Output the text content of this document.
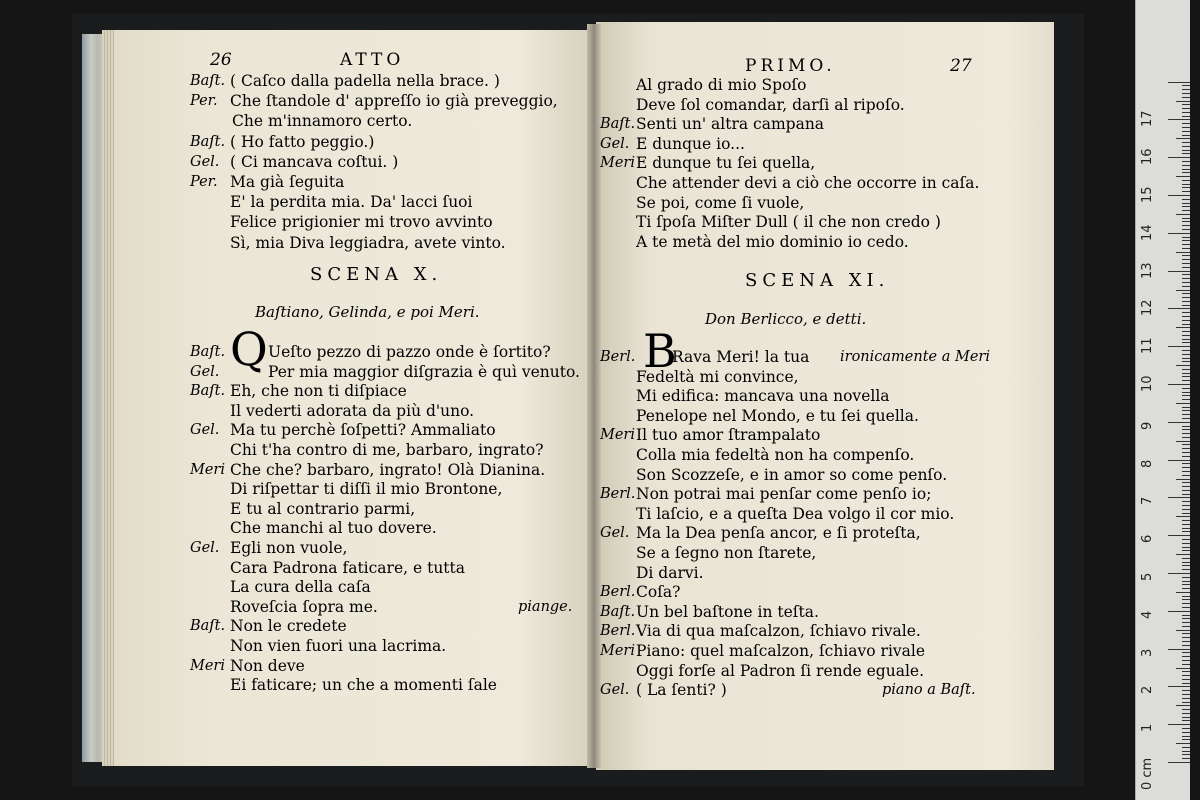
26	ATTO	PRIMO.	27
Baſt. ( Caſco dalla padella nella brace. )
Per. Che ſtandole d' appreſſo io già preveggio,
Che m'innamoro certo.
Baſt. ( Ho fatto peggio.)
Gel. ( Ci mancava coſtui. )
Per. Ma già ſeguita
E' la perdita mia. Da' lacci ſuoi
Felice prigionier mi trovo avvinto
Sì, mia Diva leggiadra, avete vinto.
SCENA X.
Baſtiano, Gelinda, e poi Meri.
Q
Baſt.	Ueſto pezzo di pazzo onde è ſortito?
Gel.	Per mia maggior diſgrazia è quì venuto.
Baſt. Eh, che non ti diſpiace
Il vederti adorata da più d'uno.
Gel. Ma tu perchè ſoſpetti? Ammaliato
Chi t'ha contro di me, barbaro, ingrato?
Meri Che che? barbaro, ingrato! Olà Dianina.
Di riſpettar ti diſſi il mio Brontone,
E tu al contrario parmi,
Che manchi al tuo dovere.
Gel. Egli non vuole,
Cara Padrona faticare, e tutta
La cura della caſa
Roveſcia ſopra me.	piange.
Baſt. Non le credete
Non vien fuori una lacrima.
Meri Non deve
Ei faticare; un che a momenti ſale
Al grado di mio Spoſo
Deve ſol comandar, darſi al ripoſo.
Baſt. Senti un' altra campana
Gel. E dunque io...
Meri E dunque tu ſei quella,
Che attender devi a ciò che occorre in caſa.
Se poi, come ſi vuole,
Ti ſpoſa Miſter Dull ( il che non credo )
A te metà del mio dominio io cedo.
SCENA XI.
Don Berlicco, e detti.
B
Berl. Rava Meri! la tua ironicamente a Meri
Fedeltà mi convince,
Mi edifica: mancava una novella
Penelope nel Mondo, e tu ſei quella.
Meri Il tuo amor ſtrampalato
Colla mia fedeltà non ha compenſo.
Son Scozzeſe, e in amor so come penſo.
Berl. Non potrai mai penſar come penſo io;
Ti laſcio, e a queſta Dea volgo il cor mio.
Gel. Ma la Dea penſa ancor, e ſi proteſta,
Se a ſegno non ſtarete,
Di darvi.
Berl. Coſa?
Baſt. Un bel baſtone in teſta.
Berl. Via di qua maſcalzon, ſchiavo rivale.
Meri Piano: quel maſcalzon, ſchiavo rivale
Oggi forſe al Padron ſi rende eguale.
Gel. ( La ſenti? )	piano a Baſt.
0 cm
1
2
3
4
5
6
7
8
9
10
11
12
13
14
15
16
17
